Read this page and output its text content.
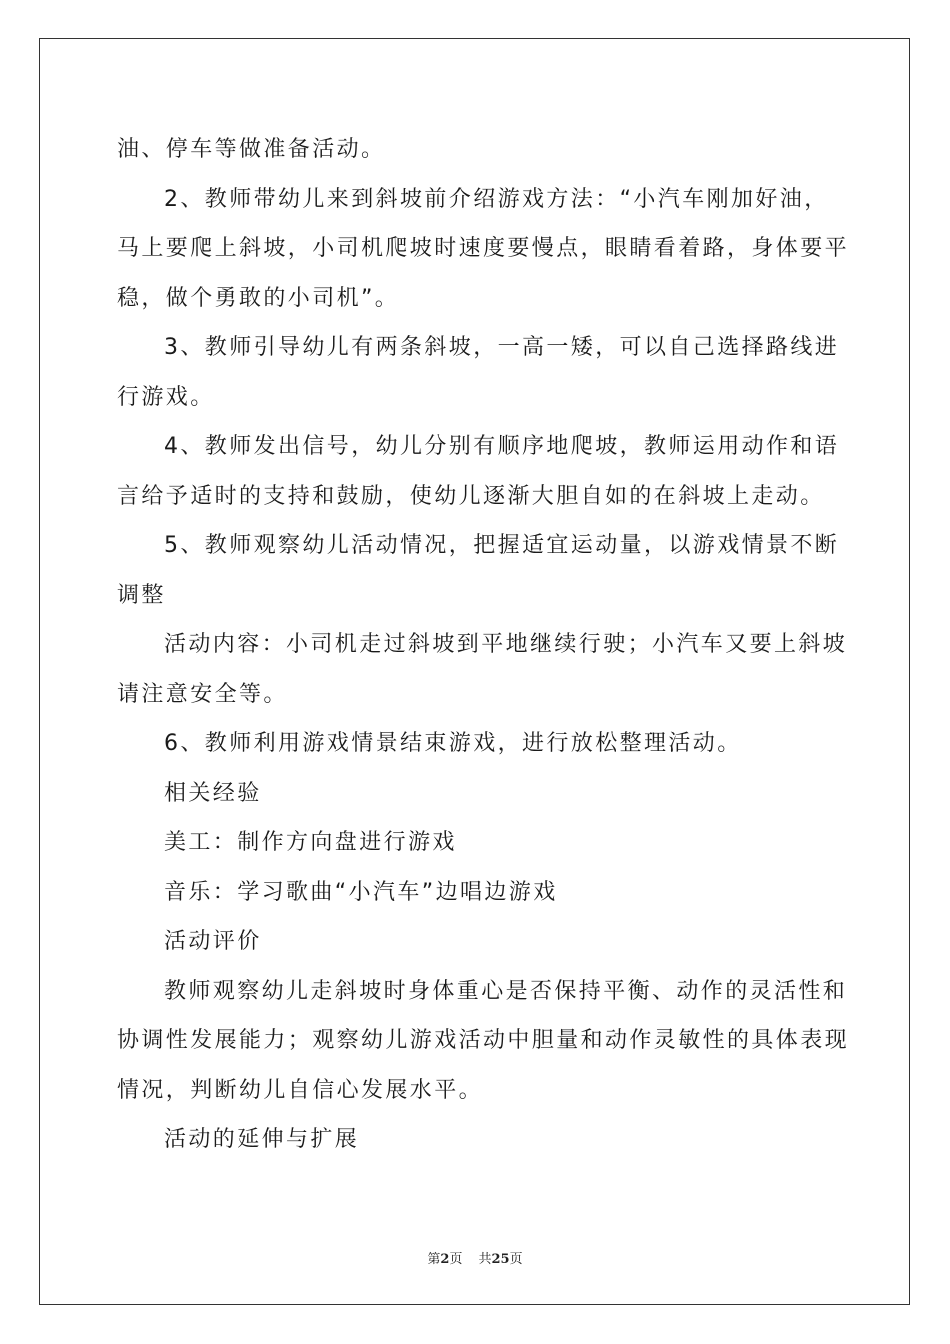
油、停车等做准备活动。
2、教师带幼儿来到斜坡前介绍游戏方法：“小汽车刚加好油，
马上要爬上斜坡，小司机爬坡时速度要慢点，眼睛看着路，身体要平
稳，做个勇敢的小司机”。
3、教师引导幼儿有两条斜坡，一高一矮，可以自己选择路线进
行游戏。
4、教师发出信号，幼儿分别有顺序地爬坡，教师运用动作和语
言给予适时的支持和鼓励，使幼儿逐渐大胆自如的在斜坡上走动。
5、教师观察幼儿活动情况，把握适宜运动量，以游戏情景不断
调整
活动内容：小司机走过斜坡到平地继续行驶；小汽车又要上斜坡
请注意安全等。
6、教师利用游戏情景结束游戏，进行放松整理活动。
相关经验
美工：制作方向盘进行游戏
音乐：学习歌曲“小汽车”边唱边游戏
活动评价
教师观察幼儿走斜坡时身体重心是否保持平衡、动作的灵活性和
协调性发展能力；观察幼儿游戏活动中胆量和动作灵敏性的具体表现
情况，判断幼儿自信心发展水平。
活动的延伸与扩展
第2页 共25页
